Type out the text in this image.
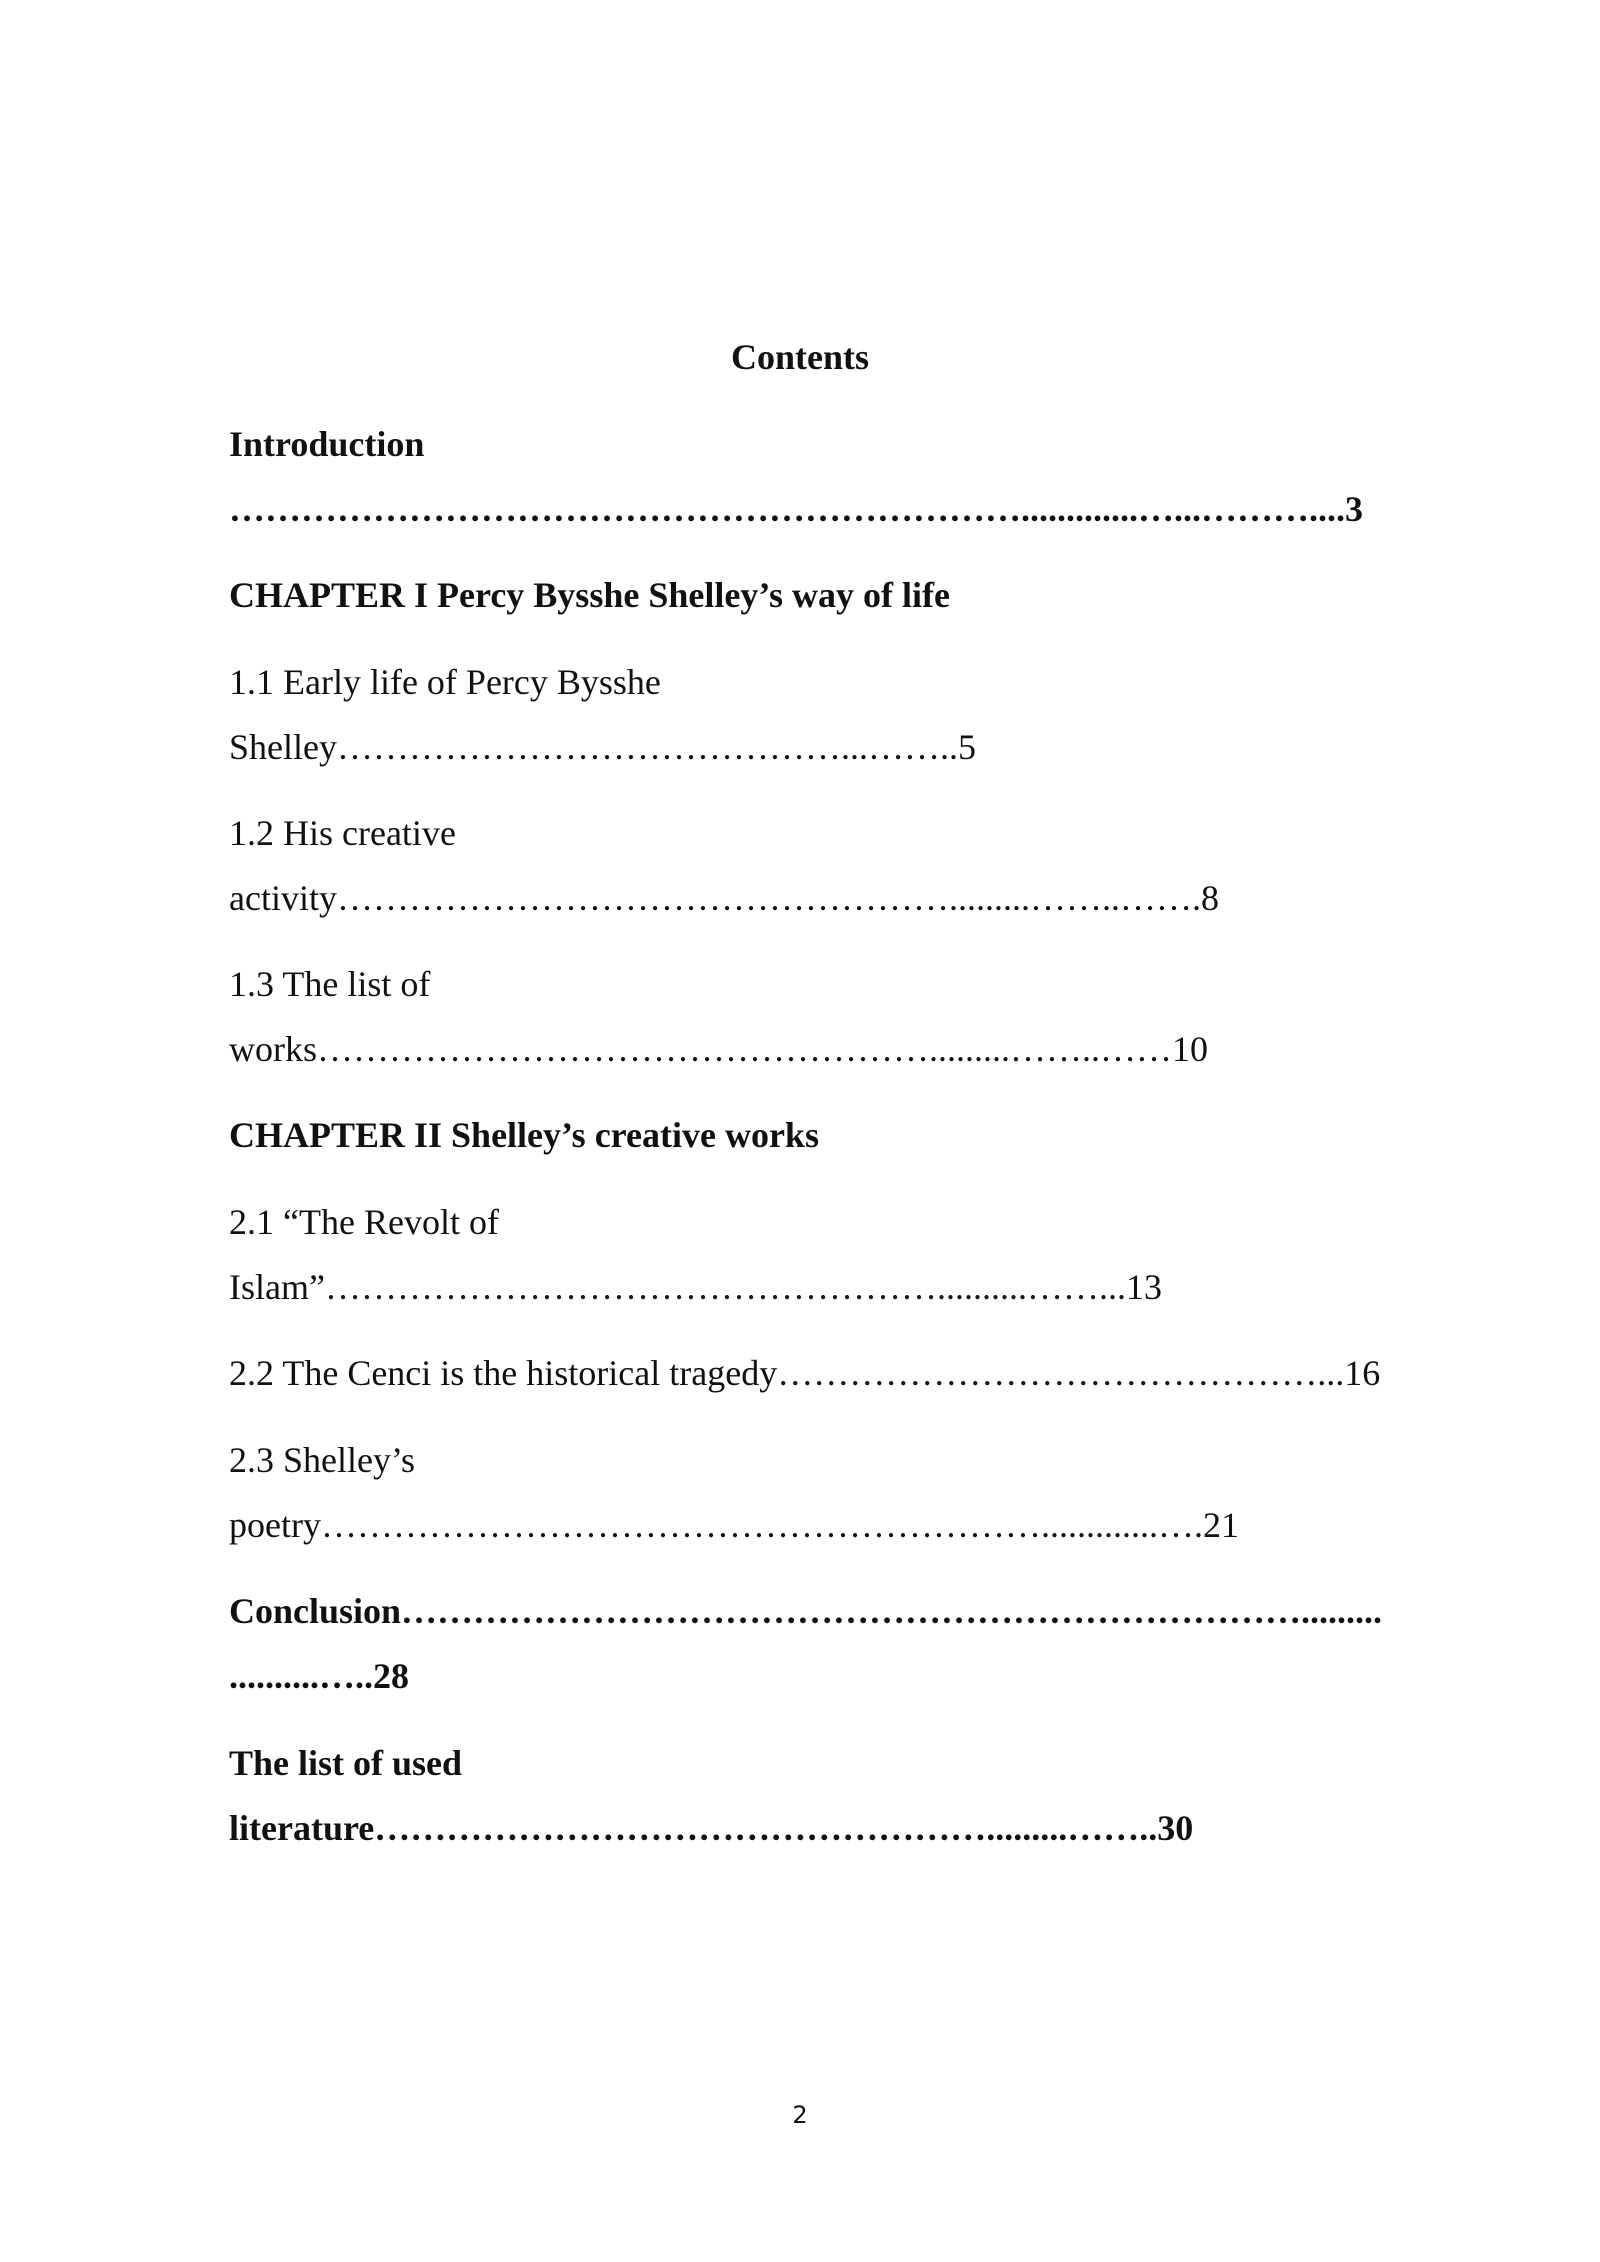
Contents
Introduction
………………………………………………………….............…...………....3
CHAPTER I Percy Bysshe Shelley’s way of life
1.1 Early life of Percy Bysshe
Shelley……………………………………...……..5
1.2 His creative
activity…………………………………………….........……..…….8
1.3 The list of
works…………………………………………….........……..……10
CHAPTER II Shelley’s creative works
2.1 “The Revolt of
Islam”……………………………………………..........……...13
2.2 The Cenci is the historical tragedy………………………………………...16
2.3 Shelley’s
poetry…………………………………………………….............….21
Conclusion………………………………………………………………….........
..........…..28
The list of used
literature…………………………………………….........……..30
2
